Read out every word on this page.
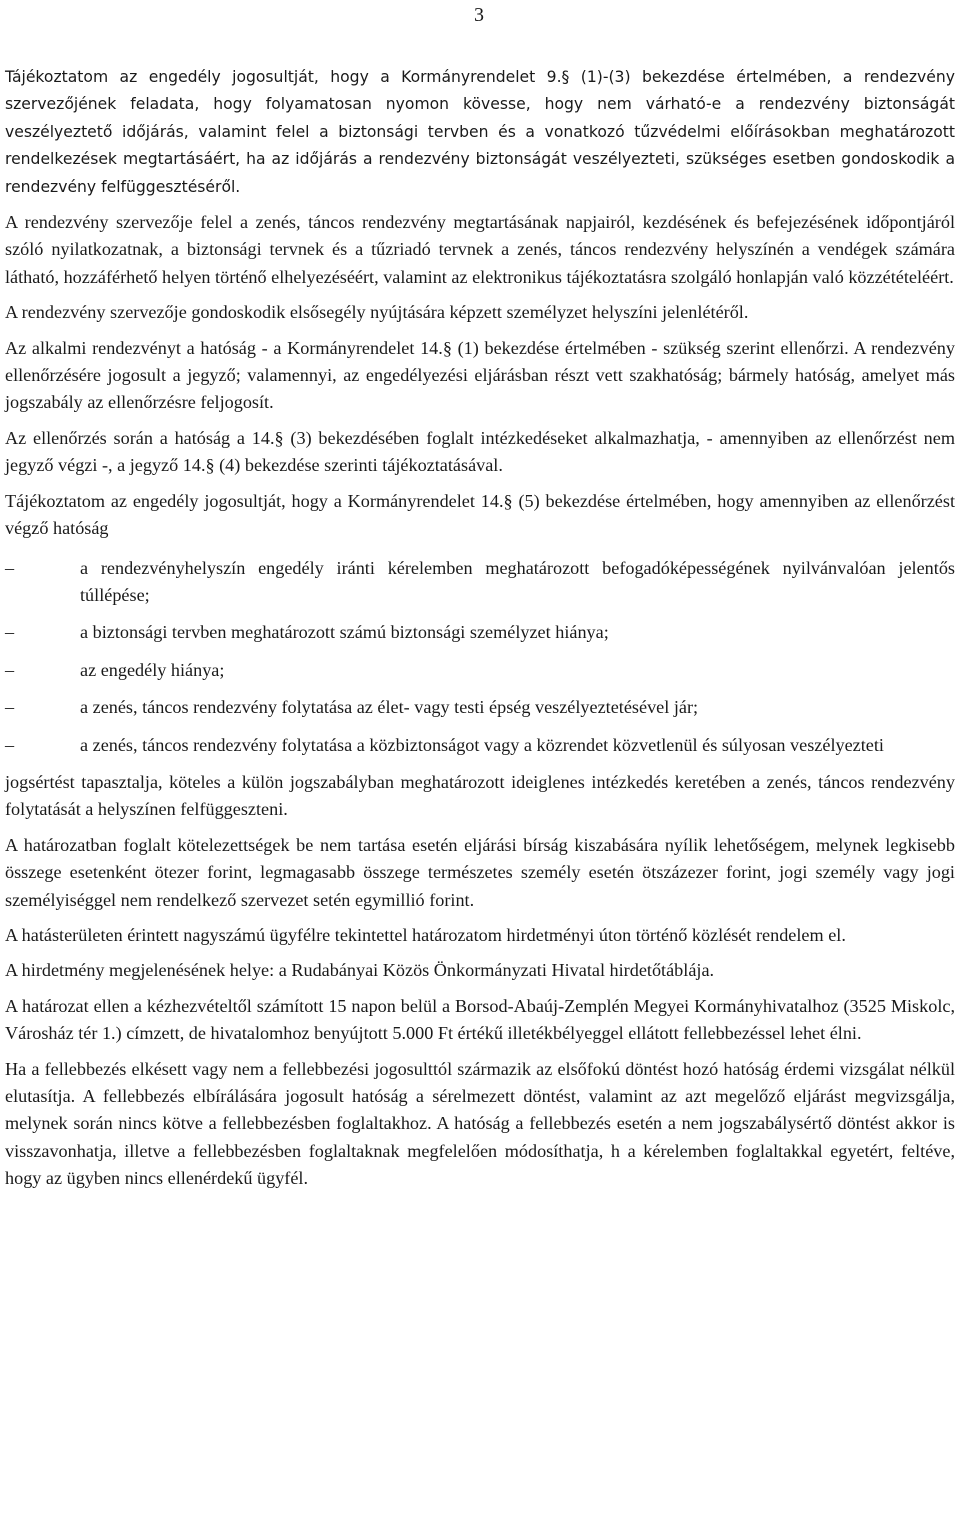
3

Tájékoztatom az engedély jogosultját, hogy a Kormányrendelet 9.§ (1)-(3) bekezdése értelmében, a rendezvény szervezőjének feladata, hogy folyamatosan nyomon kövesse, hogy nem várható-e a rendezvény biztonságát veszélyeztető időjárás, valamint felel a biztonsági tervben és a vonatkozó tűzvédelmi előírásokban meghatározott rendelkezések megtartásáért, ha az időjárás a rendezvény biztonságát veszélyezteti, szükséges esetben gondoskodik a rendezvény felfüggesztéséről.

A rendezvény szervezője felel a zenés, táncos rendezvény megtartásának napjairól, kezdésének és befejezésének időpontjáról szóló nyilatkozatnak, a biztonsági tervnek és a tűzriadó tervnek a zenés, táncos rendezvény helyszínén a vendégek számára látható, hozzáférhető helyen történő elhelyezéséért, valamint az elektronikus tájékoztatásra szolgáló honlapján való közzétételéért.

A rendezvény szervezője gondoskodik elsősegély nyújtására képzett személyzet helyszíni jelenlétéről.

Az alkalmi rendezvényt a hatóság - a Kormányrendelet 14.§ (1) bekezdése értelmében - szükség szerint ellenőrzi. A rendezvény ellenőrzésére jogosult a jegyző; valamennyi, az engedélyezési eljárásban részt vett szakhatóság; bármely hatóság, amelyet más jogszabály az ellenőrzésre feljogosít.

Az ellenőrzés során a hatóság a 14.§ (3) bekezdésében foglalt intézkedéseket alkalmazhatja, - amennyiben az ellenőrzést nem jegyző végzi -, a jegyző 14.§ (4) bekezdése szerinti tájékoztatásával.

Tájékoztatom az engedély jogosultját, hogy a Kormányrendelet 14.§ (5) bekezdése értelmében, hogy amennyiben az ellenőrzést végző hatóság

–	a rendezvényhelyszín engedély iránti kérelemben meghatározott befogadóképességének nyilvánvalóan jelentős túllépése;
–	a biztonsági tervben meghatározott számú biztonsági személyzet hiánya;
–	az engedély hiánya;
–	a zenés, táncos rendezvény folytatása az élet- vagy testi épség veszélyeztetésével jár;
–	a zenés, táncos rendezvény folytatása a közbiztonságot vagy a közrendet közvetlenül és súlyosan veszélyezteti

jogsértést tapasztalja, köteles a külön jogszabályban meghatározott ideiglenes intézkedés keretében a zenés, táncos rendezvény folytatását a helyszínen felfüggeszteni.

A határozatban foglalt kötelezettségek be nem tartása esetén eljárási bírság kiszabására nyílik lehetőségem, melynek legkisebb összege esetenként ötezer forint, legmagasabb összege természetes személy esetén ötszázezer forint, jogi személy vagy jogi személyiséggel nem rendelkező szervezet setén egymillió forint.

A hatásterületen érintett nagyszámú ügyfélre tekintettel határozatom hirdetményi úton történő közlését rendelem el.

A hirdetmény megjelenésének helye: a Rudabányai Közös Önkormányzati Hivatal hirdetőtáblája.

A határozat ellen a kézhezvételtől számított 15 napon belül a Borsod-Abaúj-Zemplén Megyei Kormányhivatalhoz (3525 Miskolc, Városház tér 1.) címzett, de hivatalomhoz benyújtott 5.000 Ft értékű illetékbélyeggel ellátott fellebbezéssel lehet élni.

Ha a fellebbezés elkésett vagy nem a fellebbezési jogosulttól származik az elsőfokú döntést hozó hatóság érdemi vizsgálat nélkül elutasítja. A fellebbezés elbírálására jogosult hatóság a sérelmezett döntést, valamint az azt megelőző eljárást megvizsgálja, melynek során nincs kötve a fellebbezésben foglaltakhoz. A hatóság a fellebbezés esetén a nem jogszabálysértő döntést akkor is visszavonhatja, illetve a fellebbezésben foglaltaknak megfelelően módosíthatja, h a kérelemben foglaltakkal egyetért, feltéve, hogy az ügyben nincs ellenérdekű ügyfél.
